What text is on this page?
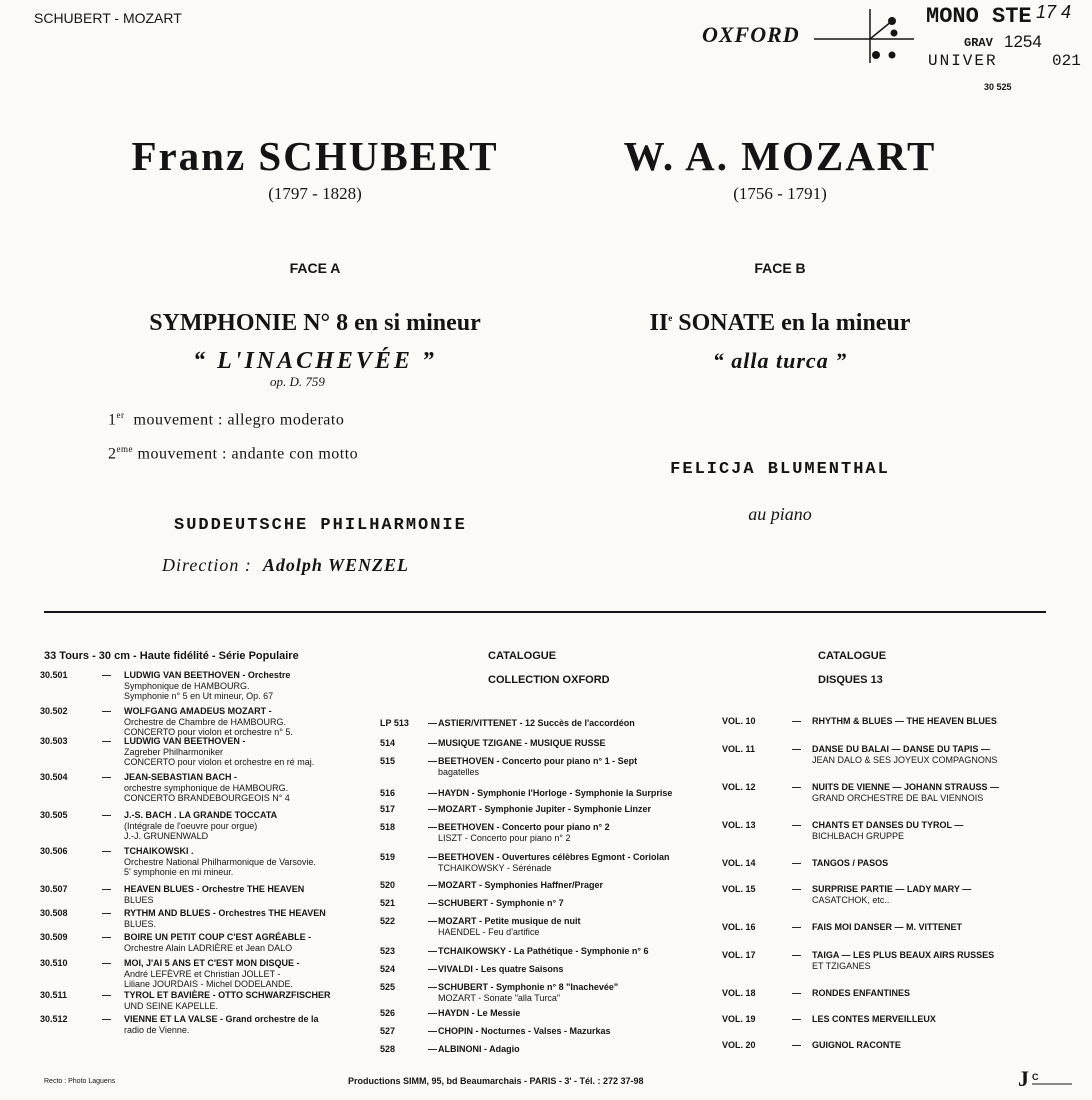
SCHUBERT - MOZART
OXFORD
MONO STE 17 4
GRAV 1254
UNIVER	021
30 525
Franz SCHUBERT
(1797 - 1828)
FACE A
SYMPHONIE N° 8 en si mineur
“ L'INACHEVÉE ”
op. D. 759
1er mouvement : allegro moderato
2eme mouvement : andante con motto
SUDDEUTSCHE PHILHARMONIE
Direction : Adolph WENZEL
W. A. MOZART
(1756 - 1791)
FACE B
IIe SONATE en la mineur
“ alla turca ”
FELICJA BLUMENTHAL
au piano
33 Tours - 30 cm - Haute fidélité - Série Populaire	CATALOGUE
COLLECTION OXFORD
CATALOGUE
DISQUES 13
30.501	— LUDWIG VAN BEETHOVEN - Orchestre
Symphonique de HAMBOURG.
Symphonie n° 5 en Ut mineur, Op. 67
30.502	— WOLFGANG AMADEUS MOZART -
Orchestre de Chambre de HAMBOURG.
CONCERTO pour violon et orchestre n° 5.
30.503	— LUDWIG VAN BEETHOVEN -
Zagreber Philharmoniker
CONCERTO pour violon et orchestre en ré maj.
30.504	— JEAN-SEBASTIAN BACH -
orchestre symphonique de HAMBOURG.
CONCERTO BRANDEBOURGEOIS N° 4
30.505	— J.-S. BACH . LA GRANDE TOCCATA
(Intégrale de l'oeuvre pour orgue)
J.-J. GRUNENWALD
30.506	— TCHAIKOWSKI .
Orchestre National Philharmonique de Varsovie.
5' symphonie en mi mineur.
30.507	— HEAVEN BLUES - Orchestre THE HEAVEN
BLUES
30.508	— RYTHM AND BLUES - Orchestres THE HEAVEN
BLUES.
30.509	— BOIRE UN PETIT COUP C'EST AGRÉABLE -
Orchestre Alain LADRIÈRE et Jean DALO
30.510	— MOI, J'AI 5 ANS ET C'EST MON DISQUE -
André LEFÈVRE et Christian JOLLET -
Liliane JOURDAIS - Michel DODELANDE.
30.511	— TYROL ET BAVIÈRE - OTTO SCHWARZFISCHER
UND SEINE KAPELLE.
30.512	— VIENNE ET LA VALSE - Grand orchestre de la
radio de Vienne.
LP 513	— ASTIER/VITTENET - 12 Succès de l'accordéon
514	— MUSIQUE TZIGANE - MUSIQUE RUSSE
515	— BEETHOVEN - Concerto pour piano n° 1 - Sept
bagatelles
516	— HAYDN - Symphonie l'Horloge - Symphonie la Surprise
517	— MOZART - Symphonie Jupiter - Symphonie Linzer
518	— BEETHOVEN - Concerto pour piano n° 2
LISZT - Concerto pour piano n° 2
519	— BEETHOVEN - Ouvertures célèbres Egmont - Coriolan
TCHAIKOWSKY - Sérénade
520	— MOZART - Symphonies Haffner/Prager
521	— SCHUBERT - Symphonie n° 7
522	— MOZART - Petite musique de nuit
HAENDEL - Feu d'artifice
523	— TCHAIKOWSKY - La Pathétique - Symphonie n° 6
524	— VIVALDI - Les quatre Saisons
525	— SCHUBERT - Symphonie n° 8 "Inachevée"
MOZART - Sonate "alla Turca"
526	— HAYDN - Le Messie
527	— CHOPIN - Nocturnes - Valses - Mazurkas
528	— ALBINONI - Adagio
VOL. 10	— RHYTHM & BLUES — THE HEAVEN BLUES
VOL. 11	— DANSE DU BALAI — DANSE DU TAPIS —
JEAN DALO & SES JOYEUX COMPAGNONS
VOL. 12	— NUITS DE VIENNE — JOHANN STRAUSS —
GRAND ORCHESTRE DE BAL VIENNOIS
VOL. 13	— CHANTS ET DANSES DU TYROL —
BICHLBACH GRUPPE
VOL. 14	— TANGOS / PASOS
VOL. 15	— SURPRISE PARTIE — LADY MARY —
CASATCHOK, etc..
VOL. 16	— FAIS MOI DANSER — M. VITTENET
VOL. 17	— TAIGA — LES PLUS BEAUX AIRS RUSSES
ET TZIGANES
VOL. 18	— RONDES ENFANTINES
VOL. 19	— LES CONTES MERVEILLEUX
VOL. 20	— GUIGNOL RACONTE
Recto : Photo Laguens	Productions SIMM, 95, bd Beaumarchais - PARIS - 3' - Tél. : 272 37-98	J C
